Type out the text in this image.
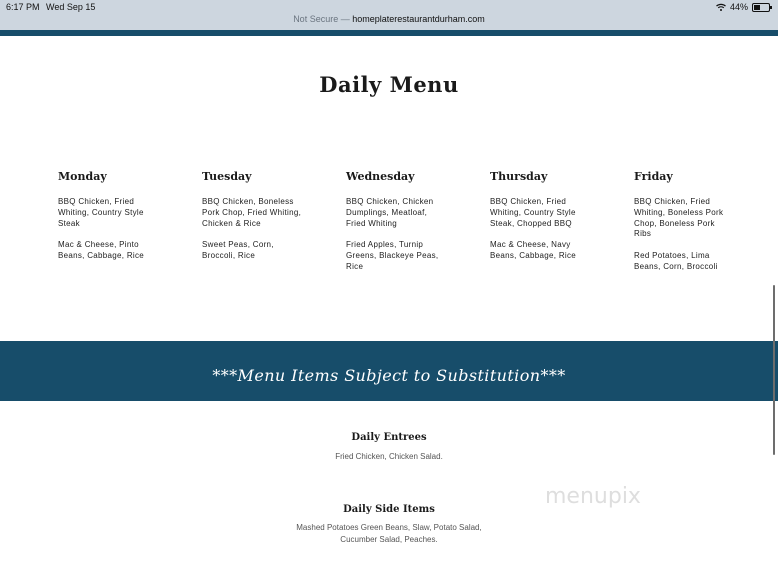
6:17 PM Wed Sep 15
Not Secure — homeplaterestaurantdurham.com
44%
Daily Menu
Monday
BBQ Chicken, Fried Whiting, Country Style Steak
Mac & Cheese, Pinto Beans, Cabbage, Rice
Tuesday
BBQ Chicken, Boneless Pork Chop, Fried Whiting, Chicken & Rice
Sweet Peas, Corn, Broccoli, Rice
Wednesday
BBQ Chicken, Chicken Dumplings, Meatloaf, Fried Whiting
Fried Apples, Turnip Greens, Blackeye Peas, Rice
Thursday
BBQ Chicken, Fried Whiting, Country Style Steak, Chopped BBQ
Mac & Cheese, Navy Beans, Cabbage, Rice
Friday
BBQ Chicken, Fried Whiting, Boneless Pork Chop, Boneless Pork Ribs
Red Potatoes, Lima Beans, Corn, Broccoli
***Menu Items Subject to Substitution***
Daily Entrees
Fried Chicken, Chicken Salad.
Daily Side Items
Mashed Potatoes Green Beans, Slaw, Potato Salad, Cucumber Salad, Peaches.
menupix
